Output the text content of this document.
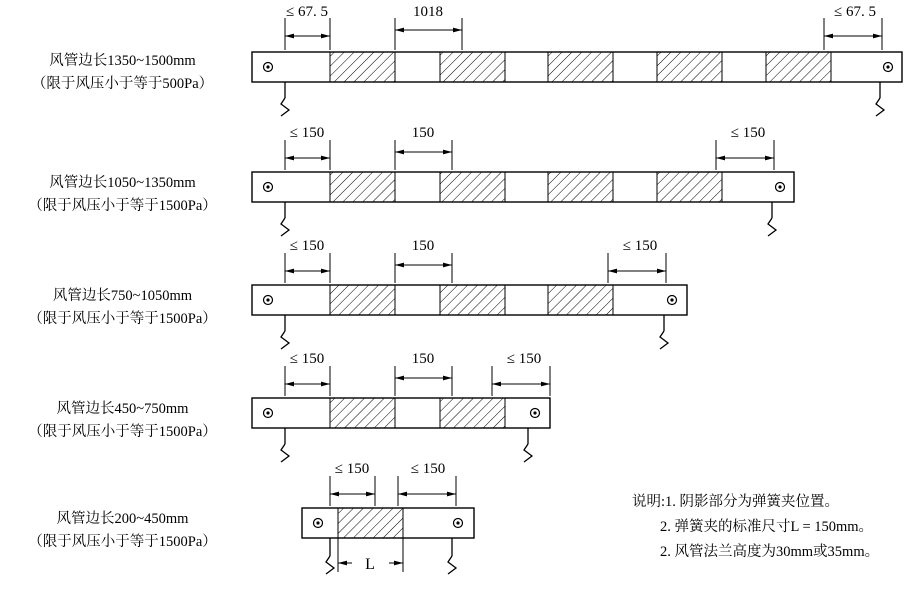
风管边长1350~1500mm
（限于风压小于等于500Pa）
风管边长1050~1350mm
（限于风压小于等于1500Pa）
风管边长750~1050mm
（限于风压小于等于1500Pa）
风管边长450~750mm
（限于风压小于等于1500Pa）
风管边长200~450mm
（限于风压小于等于1500Pa）
说明:1. 阴影部分为弹簧夹位置。
2. 弹簧夹的标准尺寸L = 150mm。
2. 风管法兰高度为30mm或35mm。
≤ 67. 5	1018	≤ 67. 5
≤ 150	150	≤ 150
≤ 150	150	≤ 150
≤ 150	150	≤ 150
≤ 150	≤ 150
L
